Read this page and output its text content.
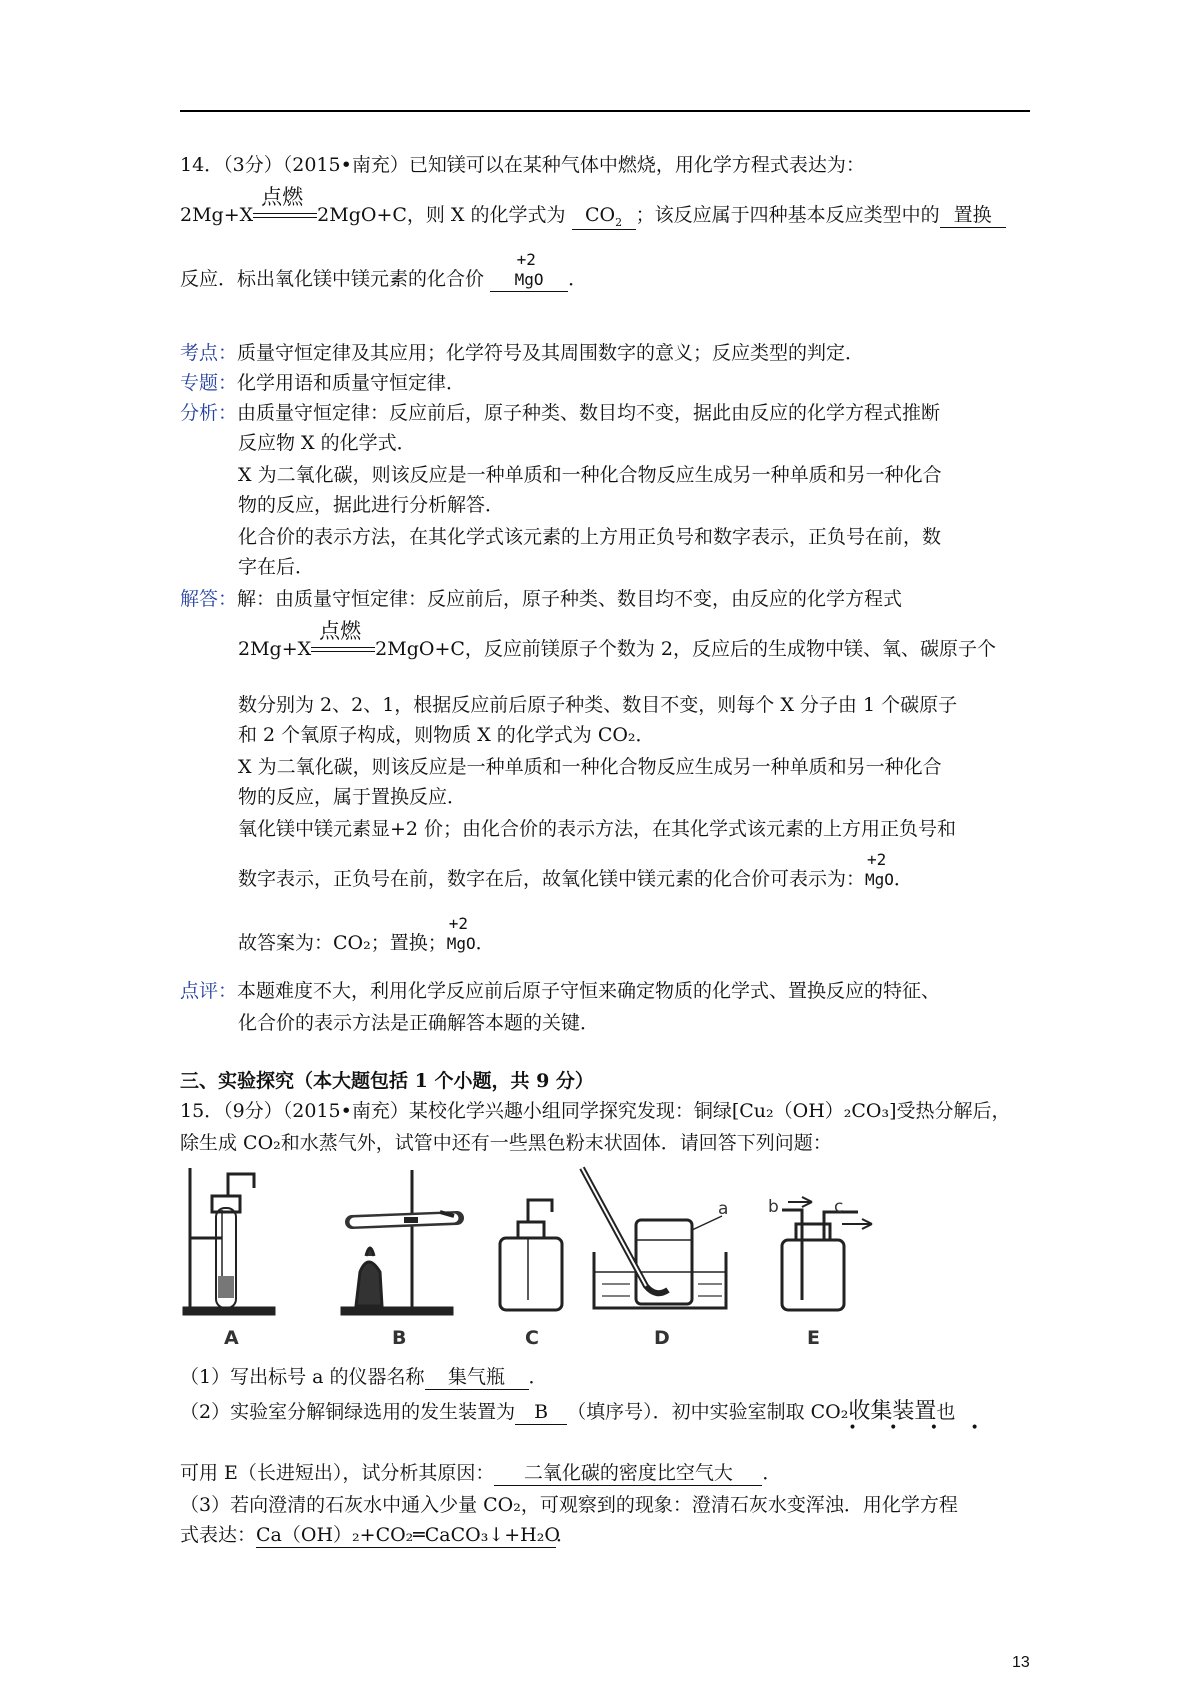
14．（3分）（2015•南充）已知镁可以在某种气体中燃烧，用化学方程式表达为：
2Mg+X
点燃
2MgO+C，则 X 的化学式为 $CO_2$ ；该反应属于四种基本反应类型中的 置换
反应．标出氧化镁中镁元素的化合价
+2
MgO ．
考点：质量守恒定律及其应用；化学符号及其周围数字的意义；反应类型的判定．
专题：化学用语和质量守恒定律．
分析：由质量守恒定律：反应前后，原子种类、数目均不变，据此由反应的化学方程式推断
反应物 X 的化学式．
X 为二氧化碳，则该反应是一种单质和一种化合物反应生成另一种单质和另一种化合
物的反应，据此进行分析解答．
化合价的表示方法，在其化学式该元素的上方用正负号和数字表示，正负号在前，数
字在后．
解答：解：由质量守恒定律：反应前后，原子种类、数目均不变，由反应的化学方程式
2Mg+X
点燃
2MgO+C，反应前镁原子个数为 2，反应后的生成物中镁、氧、碳原子个
数分别为 2、2、1，根据反应前后原子种类、数目不变，则每个 X 分子由 1 个碳原子
和 2 个氧原子构成，则物质 X 的化学式为 CO₂．
X 为二氧化碳，则该反应是一种单质和一种化合物反应生成另一种单质和另一种化合
物的反应，属于置换反应．
氧化镁中镁元素显+2 价；由化合价的表示方法，在其化学式该元素的上方用正负号和
数字表示，正负号在前，数字在后，故氧化镁中镁元素的化合价可表示为：
+2
MgO．
故答案为：CO₂；置换；
+2
MgO．
点评：本题难度不大，利用化学反应前后原子守恒来确定物质的化学式、置换反应的特征、
化合价的表示方法是正确解答本题的关键．
三、实验探究（本大题包括 1 个小题，共 9 分）
15．（9分）（2015•南充）某校化学兴趣小组同学探究发现：铜绿[Cu₂（OH）₂CO₃]受热分解后，
除生成 CO₂和水蒸气外，试管中还有一些黑色粉末状固体．请回答下列问题：
a b	c
A	B	C	D	E
（1）写出标号 a 的仪器名称 集气瓶 ．
（2）实验室分解铜绿选用的发生装置为 B （填序号）．初中实验室制取 CO₂收集装置
• • • •
也
可用 E（长进短出），试分析其原因： 二氧化碳的密度比空气大 ．
（3）若向澄清的石灰水中通入少量 CO₂，可观察到的现象：澄清石灰水变浑浊．用化学方程
式表达：Ca（OH）₂+CO₂═CaCO₃↓+H₂O．
13
